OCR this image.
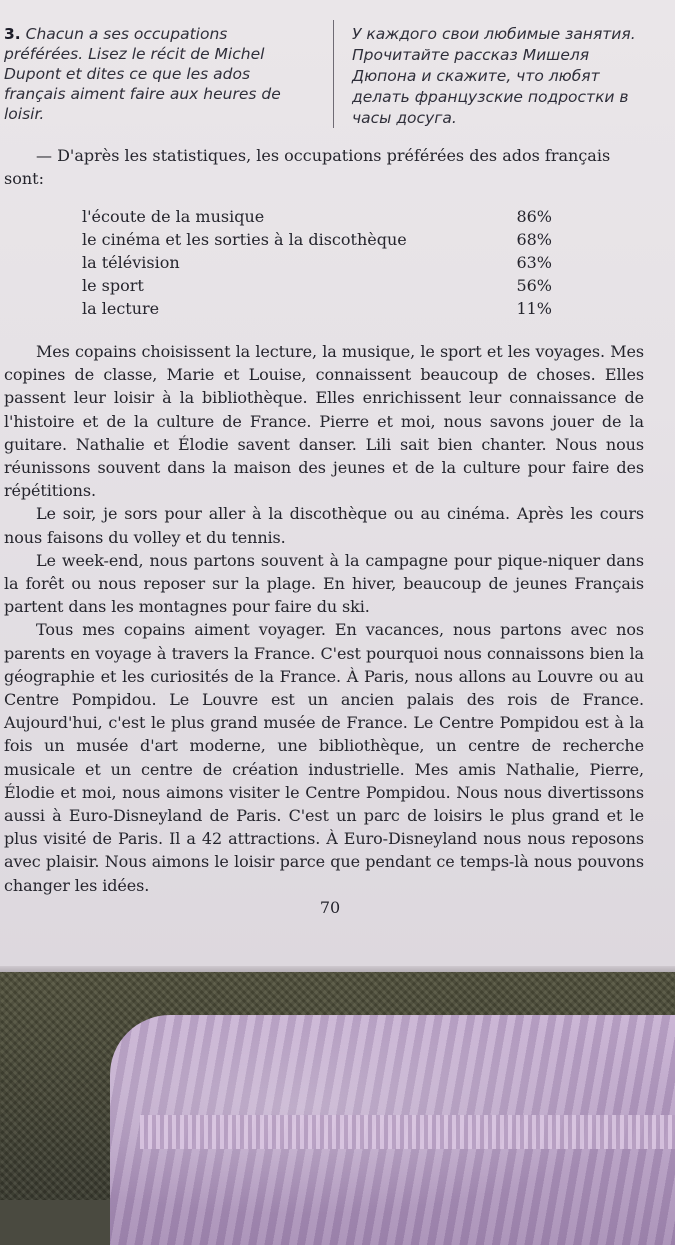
3. Chacun a ses occupations préférées. Lisez le récit de Michel Dupont et dites ce que les ados français aiment faire aux heures de loisir.
У каждого свои любимые занятия. Прочитайте рассказ Мишеля Дюпона и скажите, что любят делать французские подростки в часы досуга.
— D'après les statistiques, les occupations préférées des ados français sont:
l'écoute de la musique	86%
le cinéma et les sorties à la discothèque	68%
la télévision	63%
le sport	56%
la lecture	11%

Mes copains choisissent la lecture, la musique, le sport et les voyages. Mes copines de classe, Marie et Louise, connaissent beaucoup de choses. Elles passent leur loisir à la bibliothèque. Elles enrichissent leur connaissance de l'histoire et de la culture de France. Pierre et moi, nous savons jouer de la guitare. Nathalie et Élodie savent danser. Lili sait bien chanter. Nous nous réunissons souvent dans la maison des jeunes et de la culture pour faire des répétitions.

Le soir, je sors pour aller à la discothèque ou au cinéma. Après les cours nous faisons du volley et du tennis.

Le week-end, nous partons souvent à la campagne pour pique-niquer dans la forêt ou nous reposer sur la plage. En hiver, beaucoup de jeunes Français partent dans les montagnes pour faire du ski.

Tous mes copains aiment voyager. En vacances, nous partons avec nos parents en voyage à travers la France. C'est pourquoi nous connaissons bien la géographie et les curiosités de la France. À Paris, nous allons au Louvre ou au Centre Pompidou. Le Louvre est un ancien palais des rois de France. Aujourd'hui, c'est le plus grand musée de France. Le Centre Pompidou est à la fois un musée d'art moderne, une bibliothèque, un centre de recherche musicale et un centre de création industrielle. Mes amis Nathalie, Pierre, Élodie et moi, nous aimons visiter le Centre Pompidou. Nous nous divertissons aussi à Euro-Disneyland de Paris. C'est un parc de loisirs le plus grand et le plus visité de Paris. Il a 42 attractions. À Euro-Disneyland nous nous reposons avec plaisir. Nous aimons le loisir parce que pendant ce temps-là nous pouvons changer les idées.

70
